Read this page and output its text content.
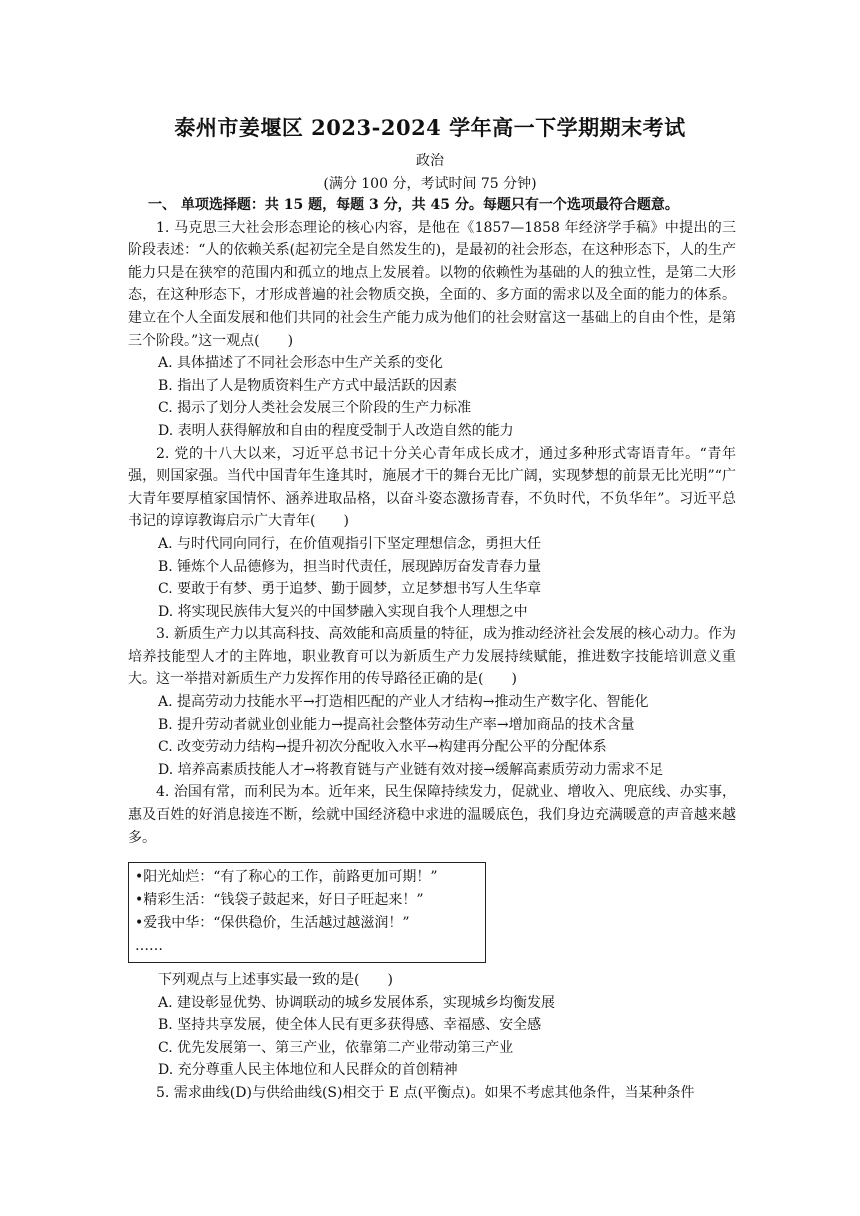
泰州市姜堰区 2023-2024 学年高一下学期期末考试
政治
(满分 100 分，考试时间 75 分钟)

一、 单项选择题：共 15 题，每题 3 分，共 45 分。每题只有一个选项最符合题意。

1. 马克思三大社会形态理论的核心内容，是他在《1857—1858 年经济学手稿》中提出的三阶段表述：“人的依赖关系(起初完全是自然发生的)，是最初的社会形态，在这种形态下，人的生产能力只是在狭窄的范围内和孤立的地点上发展着。以物的依赖性为基础的人的独立性，是第二大形态，在这种形态下，才形成普遍的社会物质交换，全面的、多方面的需求以及全面的能力的体系。建立在个人全面发展和他们共同的社会生产能力成为他们的社会财富这一基础上的自由个性，是第三个阶段。”这一观点(　　)

A. 具体描述了不同社会形态中生产关系的变化

B. 指出了人是物质资料生产方式中最活跃的因素

C. 揭示了划分人类社会发展三个阶段的生产力标准

D. 表明人获得解放和自由的程度受制于人改造自然的能力

2. 党的十八大以来，习近平总书记十分关心青年成长成才，通过多种形式寄语青年。“青年强，则国家强。当代中国青年生逢其时，施展才干的舞台无比广阔，实现梦想的前景无比光明”“广大青年要厚植家国情怀、涵养进取品格，以奋斗姿态激扬青春，不负时代，不负华年”。习近平总书记的谆谆教诲启示广大青年(　　)

A. 与时代同向同行，在价值观指引下坚定理想信念，勇担大任

B. 锤炼个人品德修为，担当时代责任，展现踔厉奋发青春力量

C. 要敢于有梦、勇于追梦、勤于圆梦，立足梦想书写人生华章

D. 将实现民族伟大复兴的中国梦融入实现自我个人理想之中

3. 新质生产力以其高科技、高效能和高质量的特征，成为推动经济社会发展的核心动力。作为培养技能型人才的主阵地，职业教育可以为新质生产力发展持续赋能，推进数字技能培训意义重大。这一举措对新质生产力发挥作用的传导路径正确的是(　　)

A. 提高劳动力技能水平→打造相匹配的产业人才结构→推动生产数字化、智能化

B. 提升劳动者就业创业能力→提高社会整体劳动生产率→增加商品的技术含量

C. 改变劳动力结构→提升初次分配收入水平→构建再分配公平的分配体系

D. 培养高素质技能人才→将教育链与产业链有效对接→缓解高素质劳动力需求不足

4. 治国有常，而利民为本。近年来，民生保障持续发力，促就业、增收入、兜底线、办实事，惠及百姓的好消息接连不断，绘就中国经济稳中求进的温暖底色，我们身边充满暖意的声音越来越多。

•阳光灿烂：“有了称心的工作，前路更加可期！”
•精彩生活：“钱袋子鼓起来，好日子旺起来！”
•爱我中华：“保供稳价，生活越过越滋润！”
……

下列观点与上述事实最一致的是(　　)

A. 建设彰显优势、协调联动的城乡发展体系，实现城乡均衡发展

B. 坚持共享发展，使全体人民有更多获得感、幸福感、安全感

C. 优先发展第一、第三产业，依靠第二产业带动第三产业

D. 充分尊重人民主体地位和人民群众的首创精神

5. 需求曲线(D)与供给曲线(S)相交于 E 点(平衡点)。如果不考虑其他条件，当某种条件
